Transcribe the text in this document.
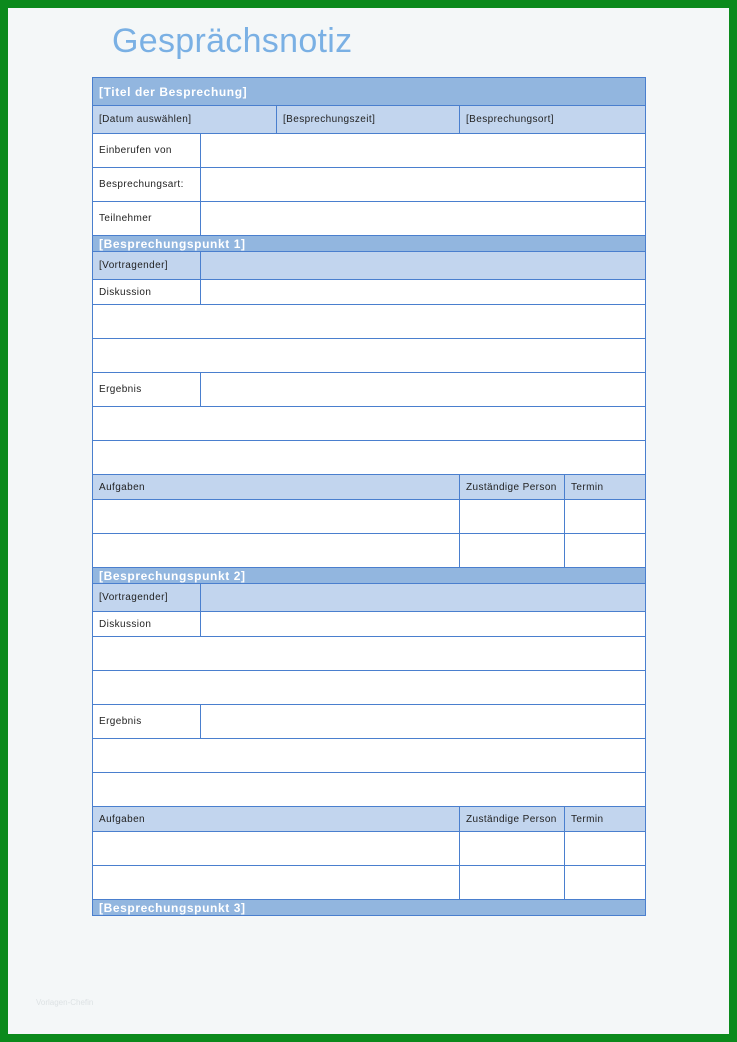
Gesprächsnotiz
[Titel der Besprechung]				
[Datum auswählen]		[Besprechungszeit]	[Besprechungsort]	
Einberufen von				
Besprechungsart:				
Teilnehmer				
[Besprechungspunkt 1]				
[Vortragender]				
Diskussion				

Ergebnis				

Aufgaben			Zuständige Person	Termin

[Besprechungspunkt 2]				
[Vortragender]				
Diskussion				

Ergebnis				

Aufgaben			Zuständige Person	Termin

[Besprechungspunkt 3]				
Vorlagen-Chefin
